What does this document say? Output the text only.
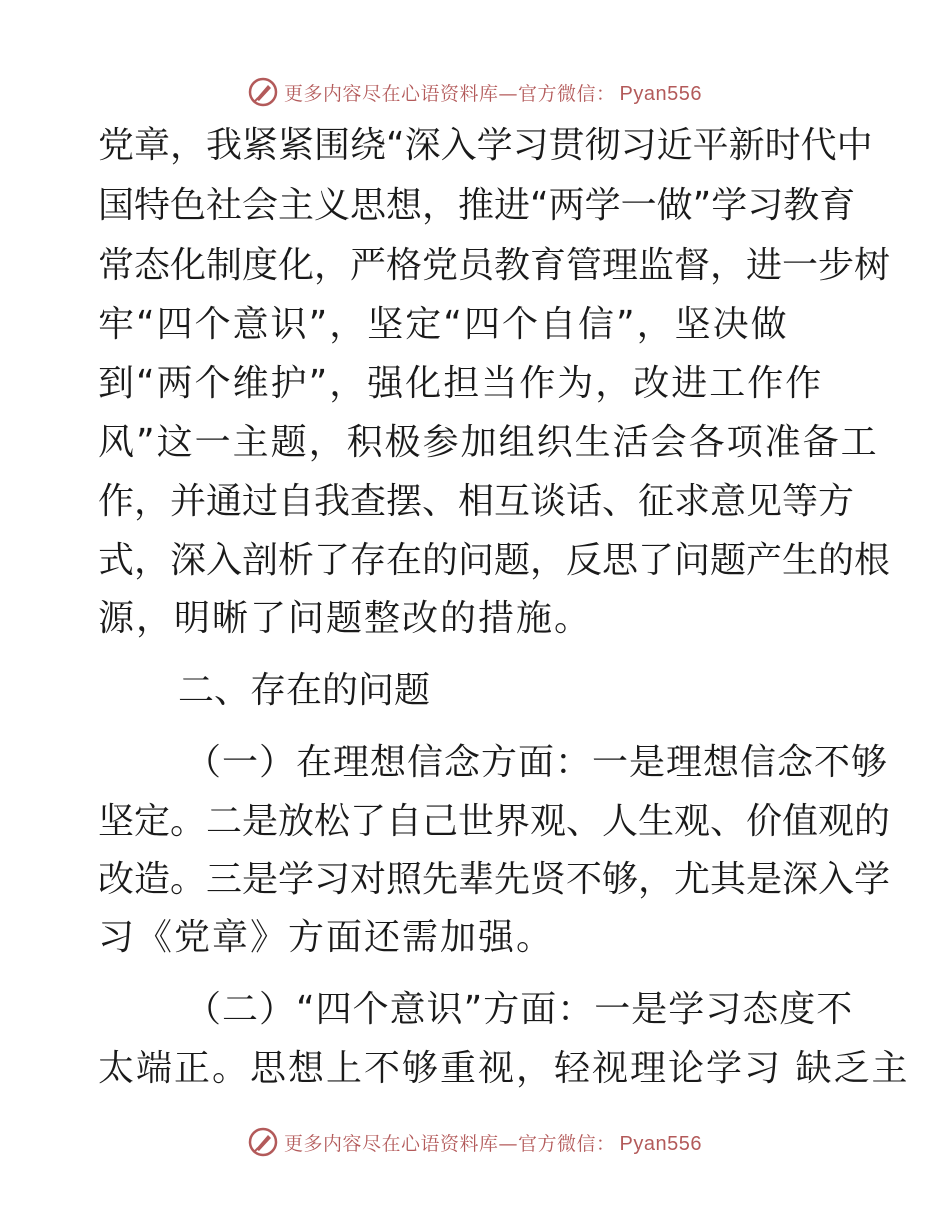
更多内容尽在心语资料库—官方微信： Pyan556
党章，我紧紧围绕“深入学习贯彻习近平新时代中
国特色社会主义思想，推进“两学一做”学习教育
常态化制度化，严格党员教育管理监督，进一步树
牢“四个意识”，坚定“四个自信”，坚决做
到“两个维护”，强化担当作为，改进工作作
风”这一主题，积极参加组织生活会各项准备工
作，并通过自我查摆、相互谈话、征求意见等方
式，深入剖析了存在的问题，反思了问题产生的根
源，明晰了问题整改的措施。
二、存在的问题
（一）在理想信念方面：一是理想信念不够
坚定。二是放松了自己世界观、人生观、价值观的
改造。三是学习对照先辈先贤不够，尤其是深入学
习《党章》方面还需加强。
（二）“四个意识”方面：一是学习态度不
太端正。思想上不够重视，轻视理论学习 缺乏主
更多内容尽在心语资料库—官方微信： Pyan556
